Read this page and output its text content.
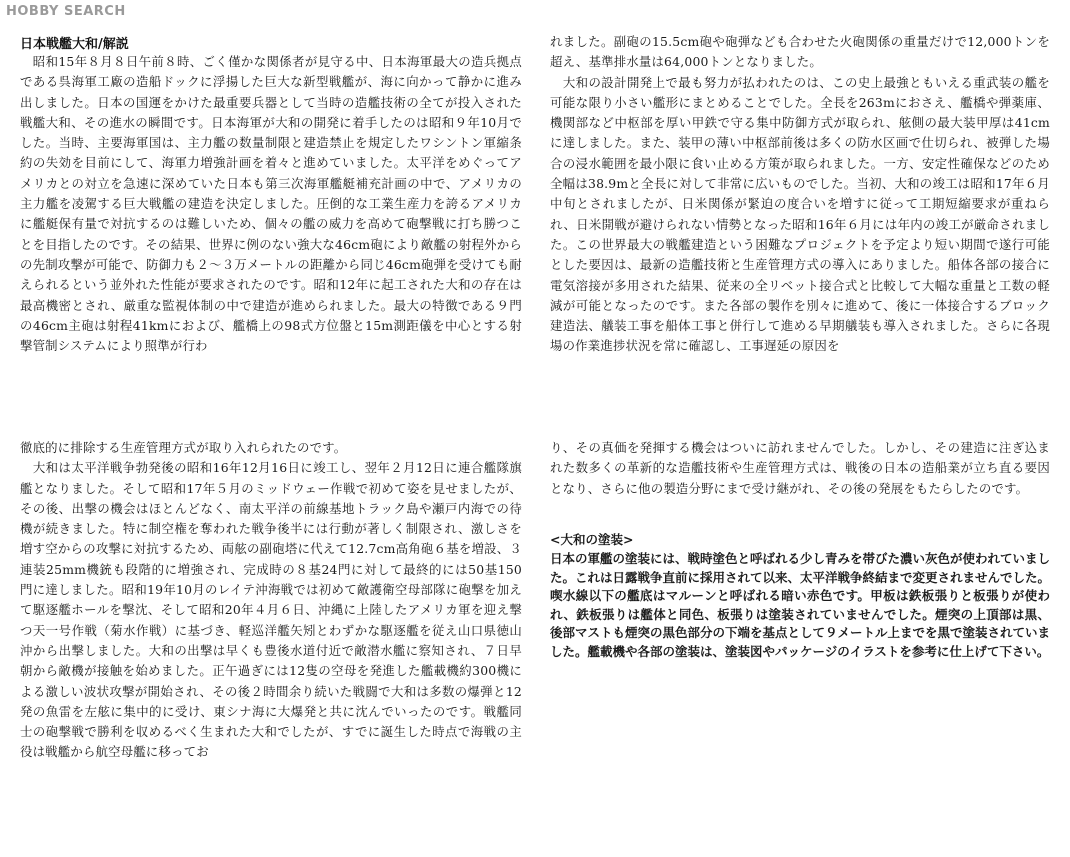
HOBBY SEARCH
日本戦艦大和/解説

　昭和15年８月８日午前８時、ごく僅かな関係者が見守る中、日本海軍最大の造兵拠点である呉海軍工廠の造船ドックに浮揚した巨大な新型戦艦が、海に向かって静かに進み出しました。日本の国運をかけた最重要兵器として当時の造艦技術の全てが投入された戦艦大和、その進水の瞬間です。日本海軍が大和の開発に着手したのは昭和９年10月でした。当時、主要海軍国は、主力艦の数量制限と建造禁止を規定したワシントン軍縮条約の失効を目前にして、海軍力増強計画を着々と進めていました。太平洋をめぐってアメリカとの対立を急速に深めていた日本も第三次海軍艦艇補充計画の中で、アメリカの主力艦を凌駕する巨大戦艦の建造を決定しました。圧倒的な工業生産力を誇るアメリカに艦艇保有量で対抗するのは難しいため、個々の艦の威力を高めて砲撃戦に打ち勝つことを目指したのです。その結果、世界に例のない強大な46cm砲により敵艦の射程外からの先制攻撃が可能で、防御力も２～３万メートルの距離から同じ46cm砲弾を受けても耐えられるという並外れた性能が要求されたのです。昭和12年に起工された大和の存在は最高機密とされ、厳重な監視体制の中で建造が進められました。最大の特徴である９門の46cm主砲は射程41kmにおよび、艦橋上の98式方位盤と15m測距儀を中心とする射撃管制システムにより照準が行わ

れました。副砲の15.5cm砲や砲弾なども合わせた火砲関係の重量だけで12,000トンを超え、基準排水量は64,000トンとなりました。

　大和の設計開発上で最も努力が払われたのは、この史上最強ともいえる重武装の艦を可能な限り小さい艦形にまとめることでした。全長を263mにおさえ、艦橋や弾薬庫、機関部など中枢部を厚い甲鉄で守る集中防御方式が取られ、舷側の最大装甲厚は41cmに達しました。また、装甲の薄い中枢部前後は多くの防水区画で仕切られ、被弾した場合の浸水範囲を最小限に食い止める方策が取られました。一方、安定性確保などのため全幅は38.9mと全長に対して非常に広いものでした。当初、大和の竣工は昭和17年６月中旬とされましたが、日米関係が緊迫の度合いを増すに従って工期短縮要求が重ねられ、日米開戦が避けられない情勢となった昭和16年６月には年内の竣工が厳命されました。この世界最大の戦艦建造という困難なプロジェクトを予定より短い期間で遂行可能とした要因は、最新の造艦技術と生産管理方式の導入にありました。船体各部の接合に電気溶接が多用された結果、従来の全リベット接合式と比較して大幅な重量と工数の軽減が可能となったのです。また各部の製作を別々に進めて、後に一体接合するブロック建造法、艤装工事を船体工事と併行して進める早期艤装も導入されました。さらに各現場の作業進捗状況を常に確認し、工事遅延の原因を

徹底的に排除する生産管理方式が取り入れられたのです。

　大和は太平洋戦争勃発後の昭和16年12月16日に竣工し、翌年２月12日に連合艦隊旗艦となりました。そして昭和17年５月のミッドウェー作戦で初めて姿を見せましたが、その後、出撃の機会はほとんどなく、南太平洋の前線基地トラック島や瀬戸内海での待機が続きました。特に制空権を奪われた戦争後半には行動が著しく制限され、激しさを増す空からの攻撃に対抗するため、両舷の副砲塔に代えて12.7cm高角砲６基を増設、３連装25mm機銃も段階的に増強され、完成時の８基24門に対して最終的には50基150 門に達しました。昭和19年10月のレイテ沖海戦では初めて敵護衛空母部隊に砲撃を加えて駆逐艦ホールを撃沈、そして昭和20年４月６日、沖縄に上陸したアメリカ軍を迎え撃つ天一号作戦（菊水作戦）に基づき、軽巡洋艦矢矧とわずかな駆逐艦を従え山口県徳山沖から出撃しました。大和の出撃は早くも豊後水道付近で敵潜水艦に察知され、７日早朝から敵機が接触を始めました。正午過ぎには12隻の空母を発進した艦載機約300機による激しい波状攻撃が開始され、その後２時間余り続いた戦闘で大和は多数の爆弾と12発の魚雷を左舷に集中的に受け、東シナ海に大爆発と共に沈んでいったのです。戦艦同士の砲撃戦で勝利を収めるべく生まれた大和でしたが、すでに誕生した時点で海戦の主役は戦艦から航空母艦に移ってお

り、その真価を発揮する機会はついに訪れませんでした。しかし、その建造に注ぎ込まれた数多くの革新的な造艦技術や生産管理方式は、戦後の日本の造船業が立ち直る要因となり、さらに他の製造分野にまで受け継がれ、その後の発展をもたらしたのです。

<大和の塗装>

日本の軍艦の塗装には、戦時塗色と呼ばれる少し青みを帯びた濃い灰色が使われていました。これは日露戦争直前に採用されて以来、太平洋戦争終結まで変更されませんでした。喫水線以下の艦底はマルーンと呼ばれる暗い赤色です。甲板は鉄板張りと板張りが使われ、鉄板張りは艦体と同色、板張りは塗装されていませんでした。煙突の上頂部は黒、後部マストも煙突の黒色部分の下端を基点として９メートル上までを黒で塗装されていました。艦載機や各部の塗装は、塗装図やパッケージのイラストを参考に仕上げて下さい。
